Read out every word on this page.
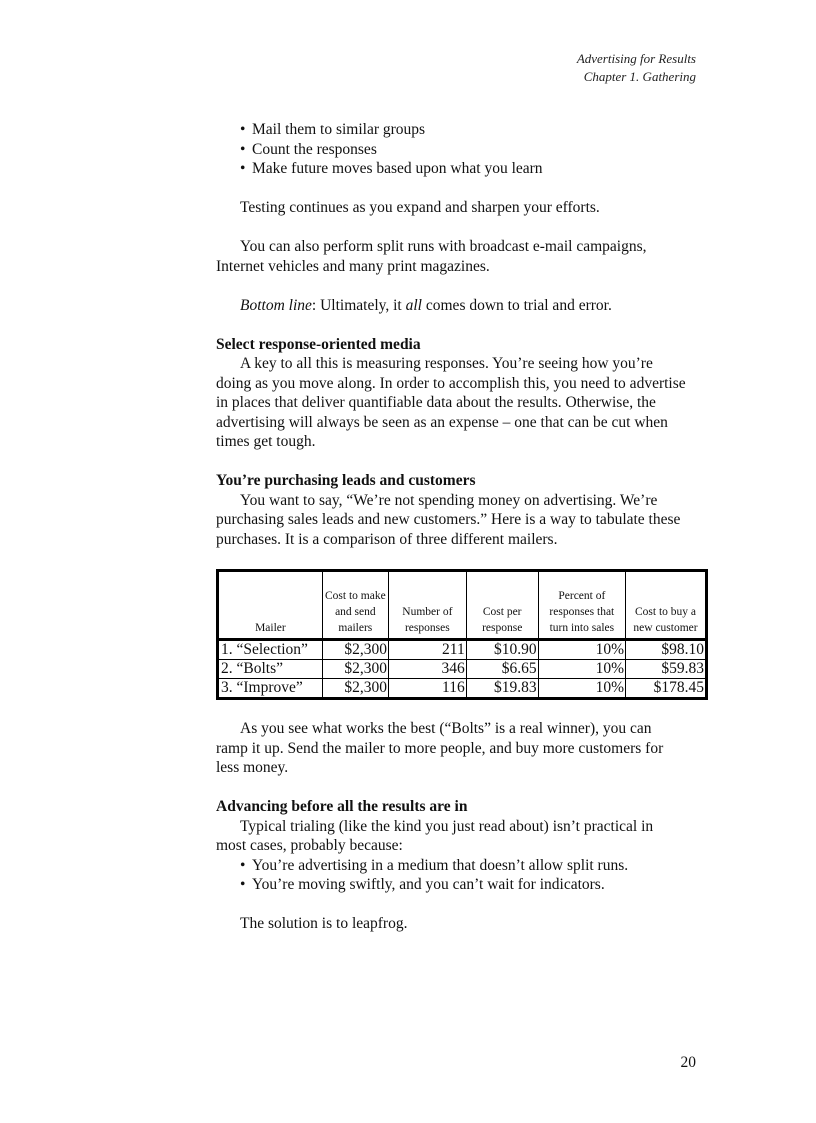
Advertising for Results
Chapter 1. Gathering
• Mail them to similar groups
• Count the responses
• Make future moves based upon what you learn

Testing continues as you expand and sharpen your efforts.

You can also perform split runs with broadcast e-mail campaigns, Internet vehicles and many print magazines.

Bottom line: Ultimately, it all comes down to trial and error.

Select response-oriented media

A key to all this is measuring responses. You’re seeing how you’re doing as you move along. In order to accomplish this, you need to advertise in places that deliver quantifiable data about the results. Otherwise, the advertising will always be seen as an expense – one that can be cut when times get tough.

You’re purchasing leads and customers

You want to say, “We’re not spending money on advertising. We’re purchasing sales leads and new customers.” Here is a way to tabulate these purchases. It is a comparison of three different mailers.

Mailer	Cost to make and send mailers	Number of responses	Cost per response	Percent of responses that turn into sales	Cost to buy a new customer
1. “Selection”	$2,300	211	$10.90	10%	$98.10
2. “Bolts”	$2,300	346	$6.65	10%	$59.83
3. “Improve”	$2,300	116	$19.83	10%	$178.45

As you see what works the best (“Bolts” is a real winner), you can ramp it up. Send the mailer to more people, and buy more customers for less money.

Advancing before all the results are in

Typical trialing (like the kind you just read about) isn’t practical in most cases, probably because:

• You’re advertising in a medium that doesn’t allow split runs.
• You’re moving swiftly, and you can’t wait for indicators.

The solution is to leapfrog.

20
